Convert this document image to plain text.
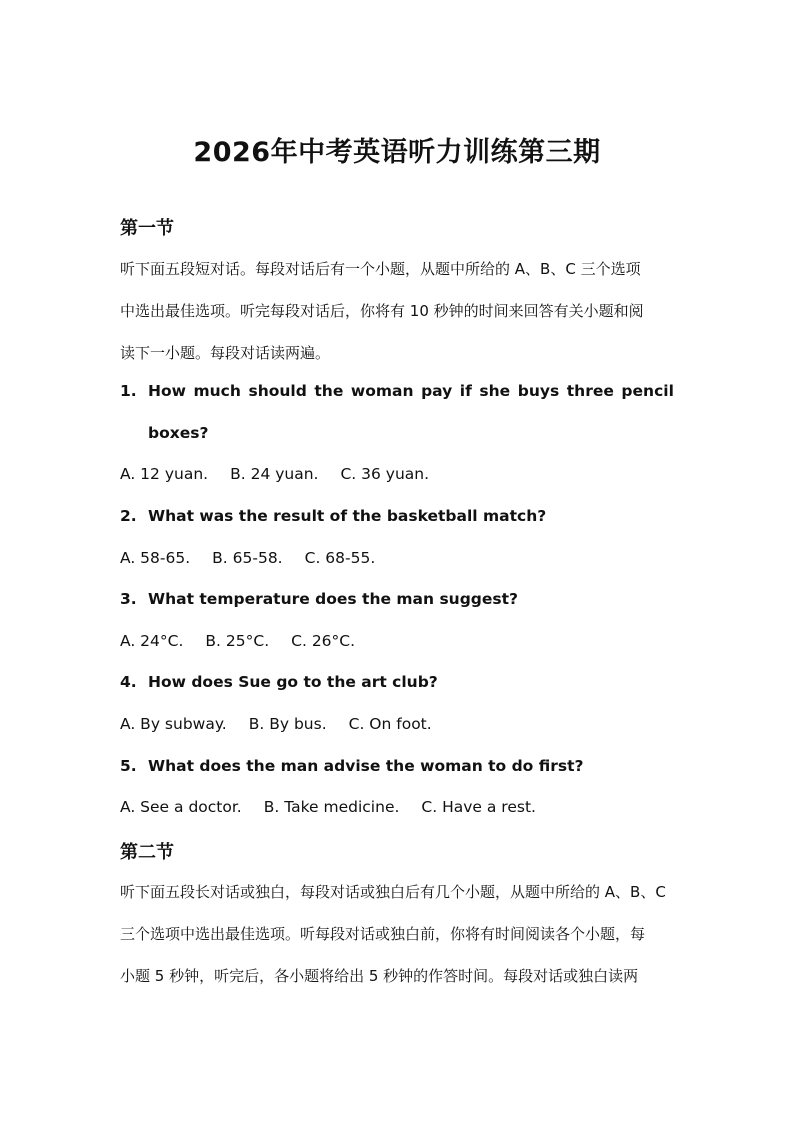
2026年中考英语听力训练第三期
第一节
听下面五段短对话。每段对话后有一个小题，从题中所给的 A、B、C 三个选项
中选出最佳选项。听完每段对话后，你将有 10 秒钟的时间来回答有关小题和阅
读下一小题。每段对话读两遍。
1. How much should the woman pay if she buys three pencil
boxes?
A. 12 yuan. B. 24 yuan. C. 36 yuan.
2. What was the result of the basketball match?
A. 58-65. B. 65-58. C. 68-55.
3. What temperature does the man suggest?
A. 24°C. B. 25°C. C. 26°C.
4. How does Sue go to the art club?
A. By subway. B. By bus. C. On foot.
5. What does the man advise the woman to do first?
A. See a doctor. B. Take medicine. C. Have a rest.
第二节
听下面五段长对话或独白，每段对话或独白后有几个小题，从题中所给的 A、B、C
三个选项中选出最佳选项。听每段对话或独白前，你将有时间阅读各个小题，每
小题 5 秒钟，听完后，各小题将给出 5 秒钟的作答时间。每段对话或独白读两
